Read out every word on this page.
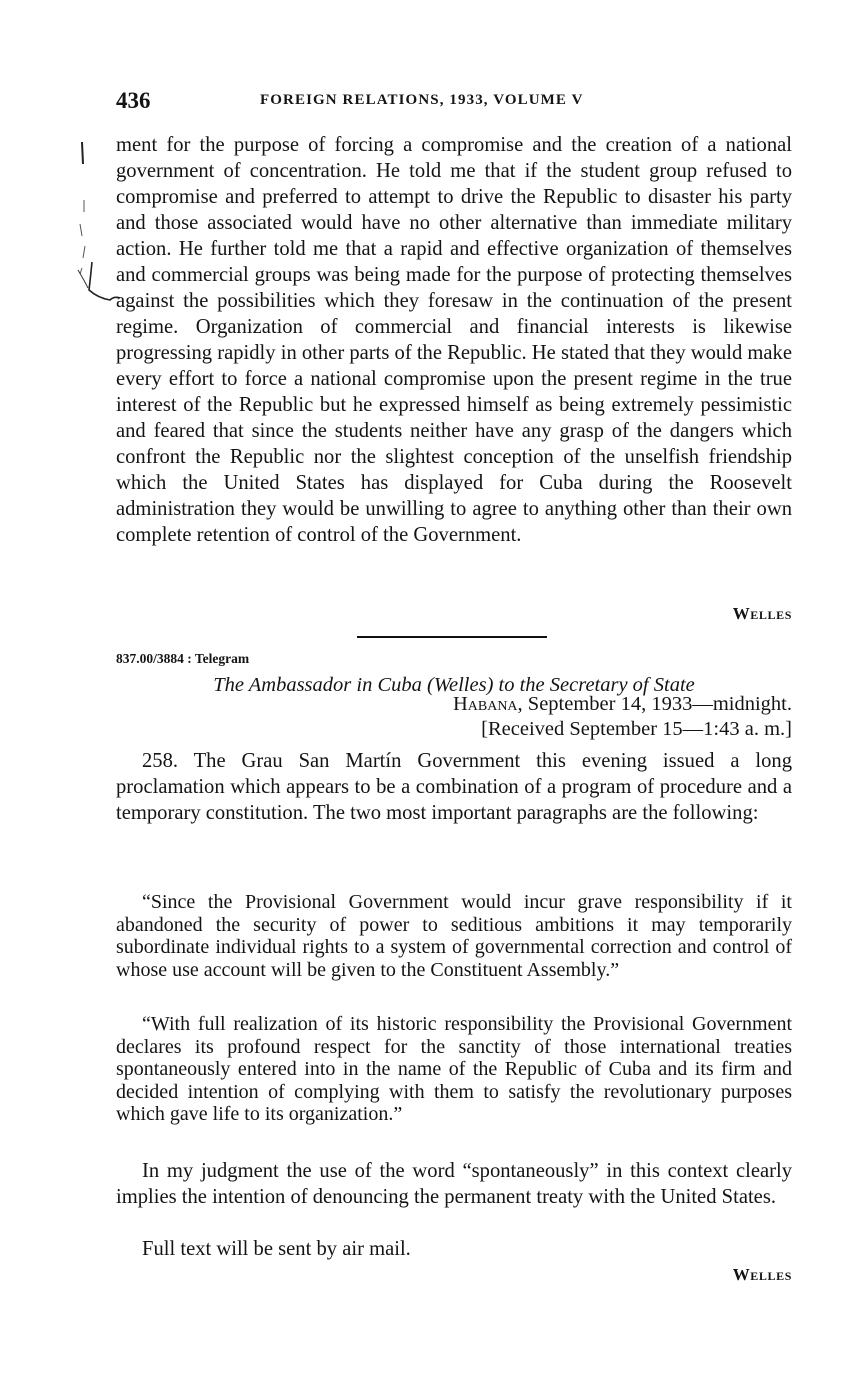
436	FOREIGN RELATIONS, 1933, VOLUME V

ment for the purpose of forcing a compromise and the creation of a national government of concentration. He told me that if the student group refused to compromise and preferred to attempt to drive the Republic to disaster his party and those associated would have no other alternative than immediate military action. He further told me that a rapid and effective organization of themselves and commercial groups was being made for the purpose of protecting themselves against the possibilities which they foresaw in the continuation of the present regime. Organization of commercial and financial interests is likewise progressing rapidly in other parts of the Republic. He stated that they would make every effort to force a national compromise upon the present regime in the true interest of the Republic but he expressed himself as being extremely pessimistic and feared that since the students neither have any grasp of the dangers which confront the Republic nor the slightest conception of the unselfish friendship which the United States has displayed for Cuba during the Roosevelt administration they would be unwilling to agree to anything other than their own complete retention of control of the Government.

Welles
837.00/3884 : Telegram
The Ambassador in Cuba (Welles) to the Secretary of State
Habana, September 14, 1933—midnight.
[Received September 15—1:43 a. m.]

258. The Grau San Martín Government this evening issued a long proclamation which appears to be a combination of a program of procedure and a temporary constitution. The two most important paragraphs are the following:

“Since the Provisional Government would incur grave responsibility if it abandoned the security of power to seditious ambitions it may temporarily subordinate individual rights to a system of governmental correction and control of whose use account will be given to the Constituent Assembly.”

“With full realization of its historic responsibility the Provisional Government declares its profound respect for the sanctity of those international treaties spontaneously entered into in the name of the Republic of Cuba and its firm and decided intention of complying with them to satisfy the revolutionary purposes which gave life to its organization.”

In my judgment the use of the word “spontaneously” in this context clearly implies the intention of denouncing the permanent treaty with the United States.

Full text will be sent by air mail.

Welles
